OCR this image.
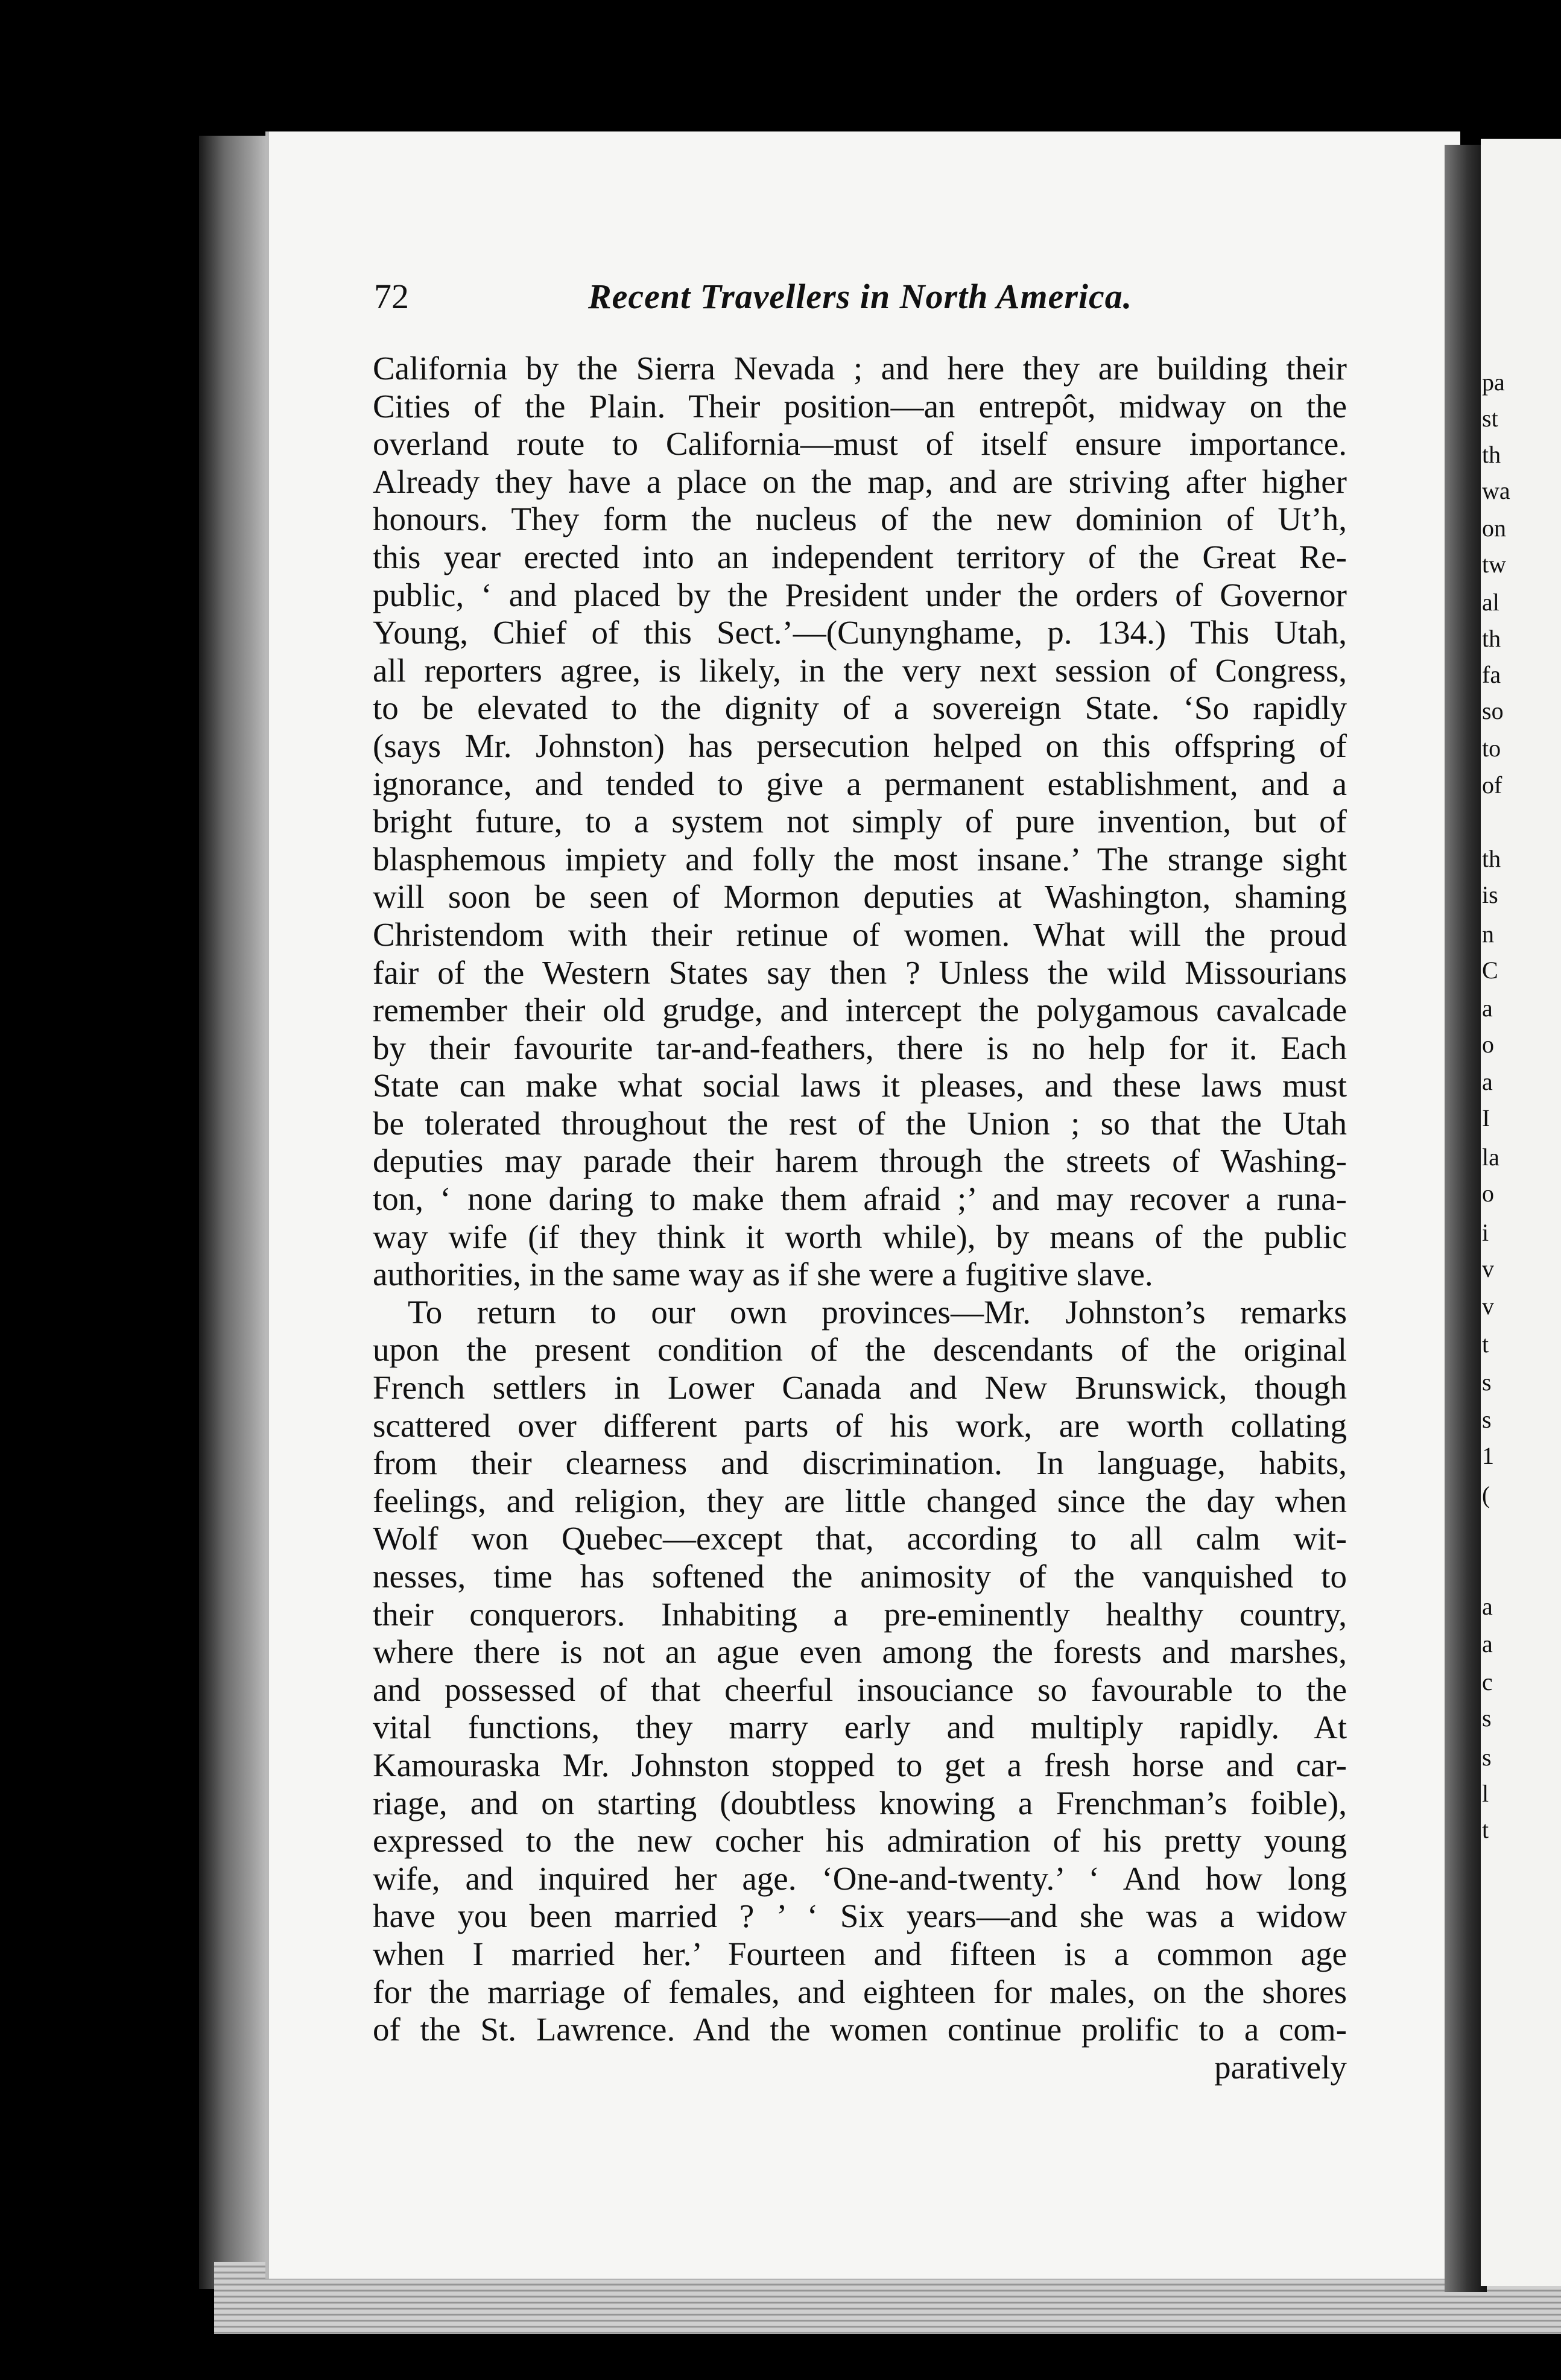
pa
st
th
wa
on
tw
al
th
fa
so
to
of
th
is
n
C
a
o
a
I
la
o
i
v
v
t
s
s
1
(
a
a
c
s
s
l
t
72	Recent Travellers in North America.
California by the Sierra Nevada ; and here they are building their
Cities of the Plain. Their position—an entrepôt, midway on the
overland route to California—must of itself ensure importance.
Already they have a place on the map, and are striving after higher
honours. They form the nucleus of the new dominion of Ut’h,
this year erected into an independent territory of the Great Re-
public, ‘ and placed by the President under the orders of Governor
Young, Chief of this Sect.’—(Cunynghame, p. 134.) This Utah,
all reporters agree, is likely, in the very next session of Congress,
to be elevated to the dignity of a sovereign State. ‘So rapidly
(says Mr. Johnston) has persecution helped on this offspring of
ignorance, and tended to give a permanent establishment, and a
bright future, to a system not simply of pure invention, but of
blasphemous impiety and folly the most insane.’ The strange sight
will soon be seen of Mormon deputies at Washington, shaming
Christendom with their retinue of women. What will the proud
fair of the Western States say then ? Unless the wild Missourians
remember their old grudge, and intercept the polygamous cavalcade
by their favourite tar-and-feathers, there is no help for it. Each
State can make what social laws it pleases, and these laws must
be tolerated throughout the rest of the Union ; so that the Utah
deputies may parade their harem through the streets of Washing-
ton, ‘ none daring to make them afraid ;’ and may recover a runa-
way wife (if they think it worth while), by means of the public
authorities, in the same way as if she were a fugitive slave.
To return to our own provinces—Mr. Johnston’s remarks
upon the present condition of the descendants of the original
French settlers in Lower Canada and New Brunswick, though
scattered over different parts of his work, are worth collating
from their clearness and discrimination. In language, habits,
feelings, and religion, they are little changed since the day when
Wolf won Quebec—except that, according to all calm wit-
nesses, time has softened the animosity of the vanquished to
their conquerors. Inhabiting a pre-eminently healthy country,
where there is not an ague even among the forests and marshes,
and possessed of that cheerful insouciance so favourable to the
vital functions, they marry early and multiply rapidly. At
Kamouraska Mr. Johnston stopped to get a fresh horse and car-
riage, and on starting (doubtless knowing a Frenchman’s foible),
expressed to the new cocher his admiration of his pretty young
wife, and inquired her age. ‘One-and-twenty.’ ‘ And how long
have you been married ? ’ ‘ Six years—and she was a widow
when I married her.’ Fourteen and fifteen is a common age
for the marriage of females, and eighteen for males, on the shores
of the St. Lawrence. And the women continue prolific to a com-
paratively
